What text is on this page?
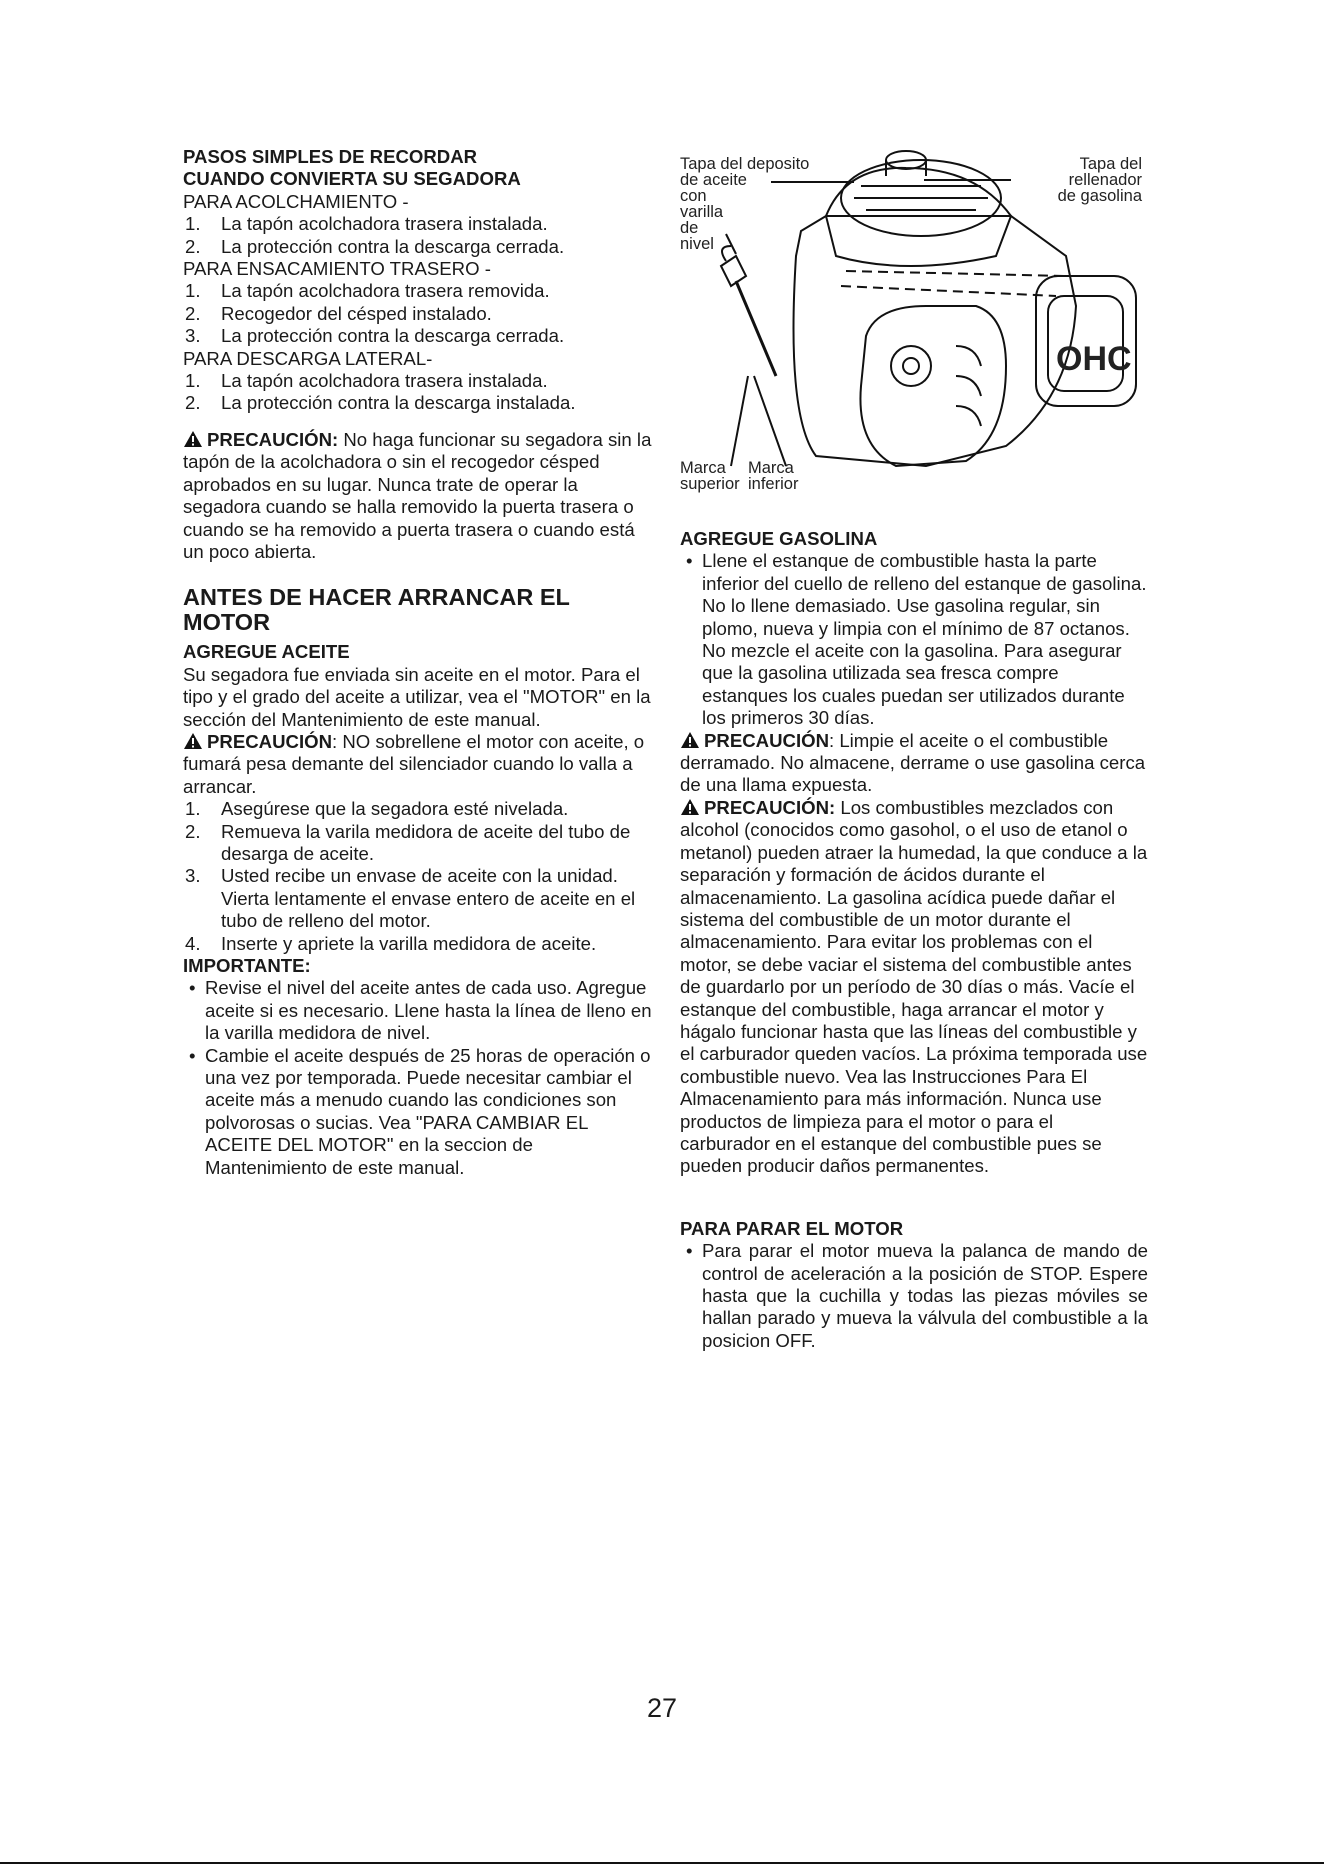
PASOS SIMPLES DE RECORDAR

CUANDO CONVIERTA SU SEGADORA

PARA ACOLCHAMIENTO -

1.	La tapón acolchadora trasera instalada.
2.	La protección contra la descarga cerrada.

PARA ENSACAMIENTO TRASERO -

1.	La tapón acolchadora trasera removida.
2.	Recogedor del césped instalado.
3.	La protección contra la descarga cerrada.

PARA DESCARGA LATERAL-

1.	La tapón acolchadora trasera instalada.
2.	La protección contra la descarga instalada.

PRECAUCIÓN: No haga funcionar su segadora sin la tapón de la acolchadora o sin el recogedor césped aprobados en su lugar. Nunca trate de operar la segadora cuando se halla removido la puerta trasera o cuando se ha removido a puerta trasera o cuando está un poco abierta.

ANTES DE HACER ARRANCAR EL MOTOR

AGREGUE ACEITE

Su segadora fue enviada sin aceite en el motor. Para el tipo y el grado del aceite a utilizar, vea el "MOTOR" en la sección del Mantenimiento de este manual.

PRECAUCIÓN: NO sobrellene el motor con aceite, o fumará pesa demante del silenciador cuando lo valla a arrancar.

1.	Asegúrese que la segadora esté nivelada.
2.	Remueva la varila medidora de aceite del tubo de desarga de aceite.
3.	Usted recibe un envase de aceite con la unidad. Vierta lentamente el envase entero de aceite en el tubo de relleno del motor.
4.	Inserte y apriete la varilla medidora de aceite.

IMPORTANTE:

• Revise el nivel del aceite antes de cada uso. Agregue aceite si es necesario. Llene hasta la línea de lleno en la varilla medidora de nivel.
• Cambie el aceite después de 25 horas de operación o una vez por temporada. Puede necesitar cambiar el aceite más a menudo cuando las condiciones son polvorosas o sucias. Vea "PARA CAMBIAR EL ACEITE DEL MOTOR" en la seccion de Mantenimiento de este manual.
Tapa del deposito
de aceite
con
varilla
de
nivel
Tapa del
rellenador
de gasolina
Marca
superior
Marca
inferior
OHC

AGREGUE GASOLINA

• Llene el estanque de combustible hasta la parte inferior del cuello de relleno del estanque de gasolina. No lo llene demasiado. Use gasolina regular, sin plomo, nueva y limpia con el mínimo de 87 octanos. No mezcle el aceite con la gasolina. Para asegurar que la gasolina utilizada sea fresca compre estanques los cuales puedan ser utilizados durante los primeros 30 días.

PRECAUCIÓN: Limpie el aceite o el combustible derramado. No almacene, derrame o use gasolina cerca de una llama expuesta.

PRECAUCIÓN: Los combustibles mezclados con alcohol (conocidos como gasohol, o el uso de etanol o metanol) pueden atraer la humedad, la que conduce a la separación y formación de ácidos durante el almacenamiento. La gasolina acídica puede dañar el sistema del combustible de un motor durante el almacenamiento. Para evitar los problemas con el motor, se debe vaciar el sistema del combustible antes de guardarlo por un período de 30 días o más. Vacíe el estanque del combustible, haga arrancar el motor y hágalo funcionar hasta que las líneas del combustible y el carburador queden vacíos. La próxima temporada use combustible nuevo. Vea las Instrucciones Para El Almacenamiento para más información. Nunca use productos de limpieza para el motor o para el carburador en el estanque del combustible pues se pueden producir daños permanentes.

PARA PARAR EL MOTOR

• Para parar el motor mueva la palanca de mando de control de aceleración a la posición de STOP. Espere hasta que la cuchilla y todas las piezas móviles se hallan parado y mueva la válvula del combustible a la posicion OFF.
27
